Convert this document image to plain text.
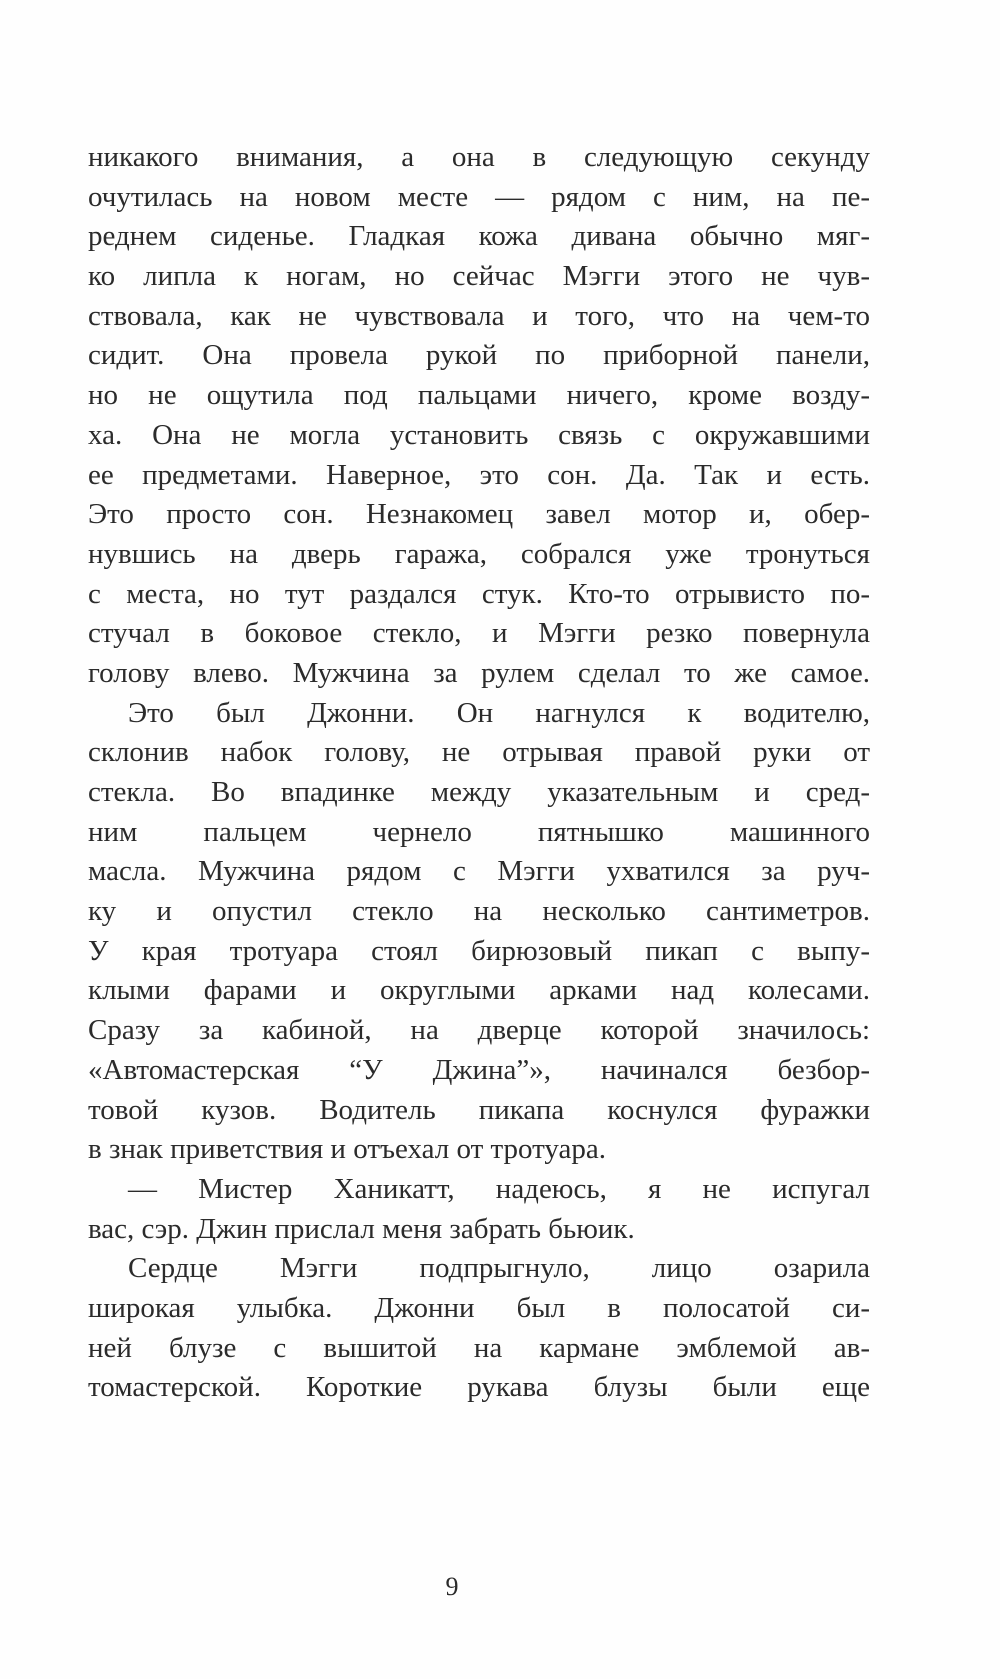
никакого внимания, а она в следующую секунду
очутилась на новом месте — рядом с ним, на пе-
реднем сиденье. Гладкая кожа дивана обычно мяг-
ко липла к ногам, но сейчас Мэгги этого не чув-
ствовала, как не чувствовала и того, что на чем-то
сидит. Она провела рукой по приборной панели,
но не ощутила под пальцами ничего, кроме возду-
ха. Она не могла установить связь с окружавшими
ее предметами. Наверное, это сон. Да. Так и есть.
Это просто сон. Незнакомец завел мотор и, обер-
нувшись на дверь гаража, собрался уже тронуться
с места, но тут раздался стук. Кто-то отрывисто по-
стучал в боковое стекло, и Мэгги резко повернула
голову влево. Мужчина за рулем сделал то же самое.
Это был Джонни. Он нагнулся к водителю,
склонив набок голову, не отрывая правой руки от
стекла. Во впадинке между указательным и сред-
ним пальцем чернело пятнышко машинного
масла. Мужчина рядом с Мэгги ухватился за руч-
ку и опустил стекло на несколько сантиметров.
У края тротуара стоял бирюзовый пикап с выпу-
клыми фарами и округлыми арками над колесами.
Сразу за кабиной, на дверце которой значилось:
«Автомастерская “У Джина”», начинался безбор-
товой кузов. Водитель пикапа коснулся фуражки
в знак приветствия и отъехал от тротуара.
— Мистер Ханикатт, надеюсь, я не испугал
вас, сэр. Джин прислал меня забрать бьюик.
Сердце Мэгги подпрыгнуло, лицо озарила
широкая улыбка. Джонни был в полосатой си-
ней блузе с вышитой на кармане эмблемой ав-
томастерской. Короткие рукава блузы были еще
9
